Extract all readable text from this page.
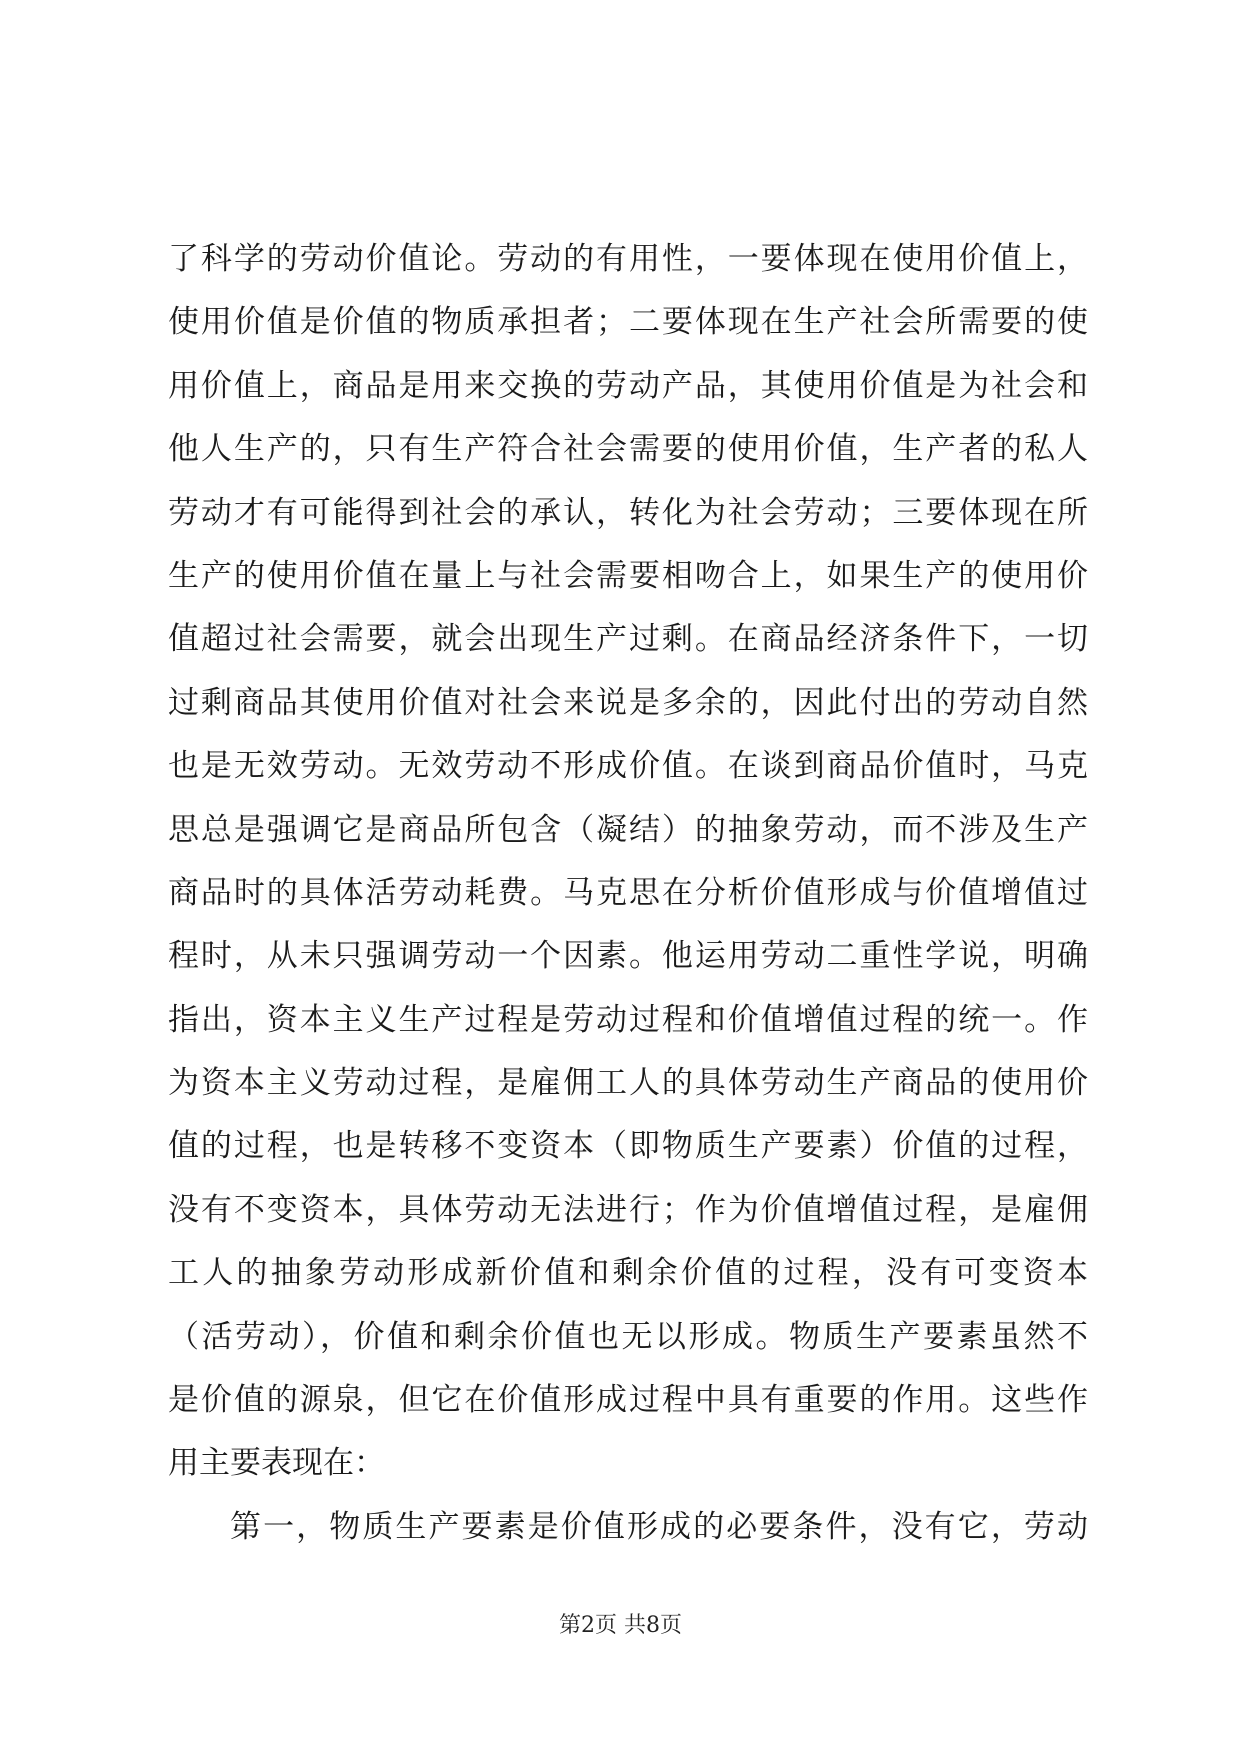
了科学的劳动价值论。劳动的有用性，一要体现在使用价值上，
使用价值是价值的物质承担者；二要体现在生产社会所需要的使
用价值上，商品是用来交换的劳动产品，其使用价值是为社会和
他人生产的，只有生产符合社会需要的使用价值，生产者的私人
劳动才有可能得到社会的承认，转化为社会劳动；三要体现在所
生产的使用价值在量上与社会需要相吻合上，如果生产的使用价
值超过社会需要，就会出现生产过剩。在商品经济条件下，一切
过剩商品其使用价值对社会来说是多余的，因此付出的劳动自然
也是无效劳动。无效劳动不形成价值。在谈到商品价值时，马克
思总是强调它是商品所包含（凝结）的抽象劳动，而不涉及生产
商品时的具体活劳动耗费。马克思在分析价值形成与价值增值过
程时，从未只强调劳动一个因素。他运用劳动二重性学说，明确
指出，资本主义生产过程是劳动过程和价值增值过程的统一。作
为资本主义劳动过程，是雇佣工人的具体劳动生产商品的使用价
值的过程，也是转移不变资本（即物质生产要素）价值的过程，
没有不变资本，具体劳动无法进行；作为价值增值过程，是雇佣
工人的抽象劳动形成新价值和剩余价值的过程，没有可变资本
（活劳动），价值和剩余价值也无以形成。物质生产要素虽然不
是价值的源泉，但它在价值形成过程中具有重要的作用。这些作
用主要表现在：
第一，物质生产要素是价值形成的必要条件，没有它，劳动
第2页 共8页
